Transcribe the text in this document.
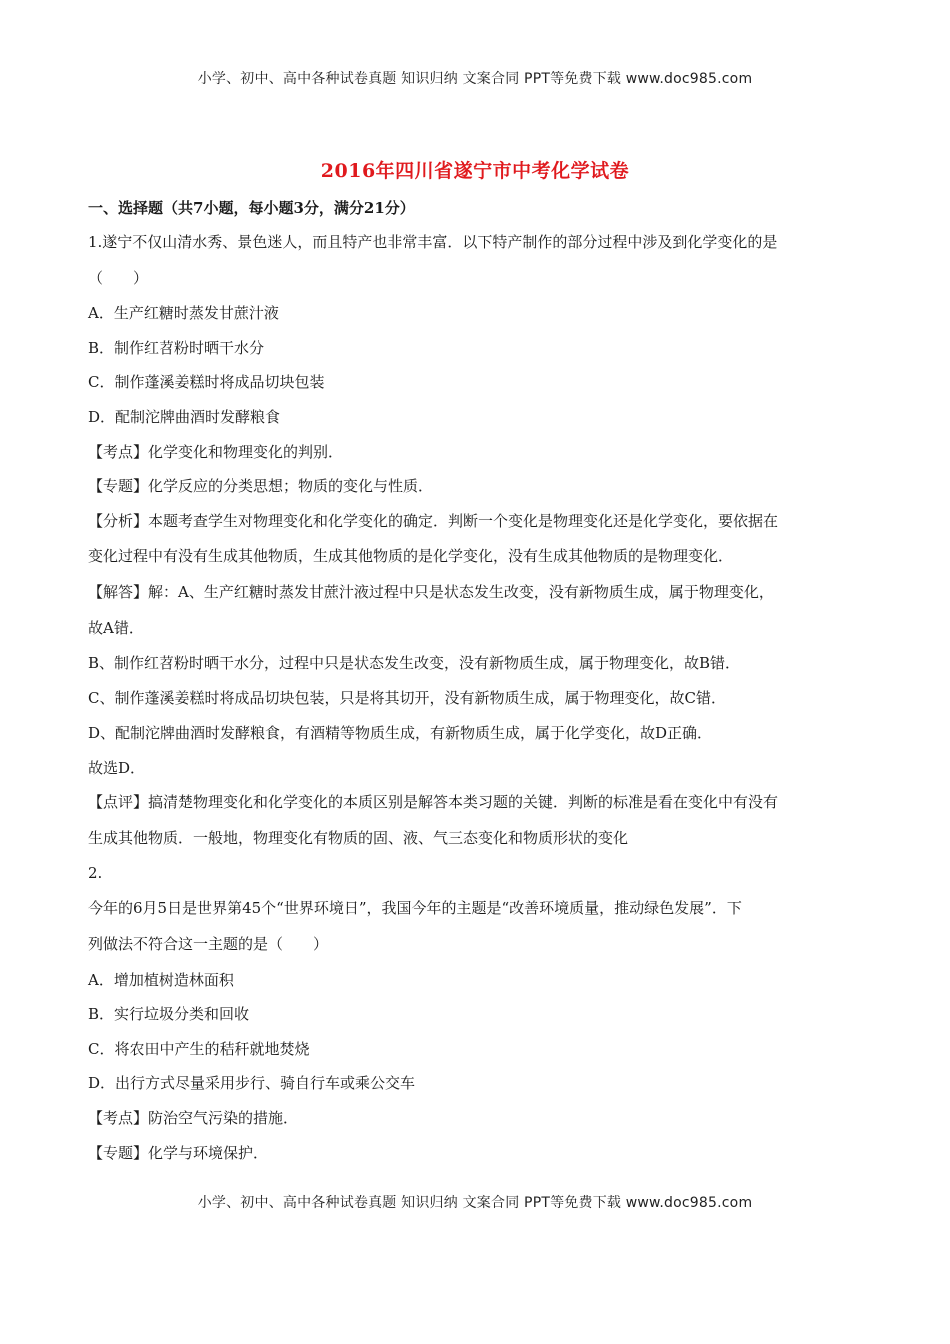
小学、初中、高中各种试卷真题 知识归纳 文案合同 PPT等免费下载 www.doc985.com
2016年四川省遂宁市中考化学试卷
一、选择题（共7小题，每小题3分，满分21分）
1.遂宁不仅山清水秀、景色迷人，而且特产也非常丰富．以下特产制作的部分过程中涉及到化学变化的是
（　　）
A．生产红糖时蒸发甘蔗汁液
B．制作红苕粉时晒干水分
C．制作蓬溪姜糕时将成品切块包装
D．配制沱牌曲酒时发酵粮食
【考点】化学变化和物理变化的判别．
【专题】化学反应的分类思想；物质的变化与性质．
【分析】本题考查学生对物理变化和化学变化的确定．判断一个变化是物理变化还是化学变化，要依据在
变化过程中有没有生成其他物质，生成其他物质的是化学变化，没有生成其他物质的是物理变化．
【解答】解：A、生产红糖时蒸发甘蔗汁液过程中只是状态发生改变，没有新物质生成，属于物理变化，
故A错．
B、制作红苕粉时晒干水分，过程中只是状态发生改变，没有新物质生成，属于物理变化，故B错．
C、制作蓬溪姜糕时将成品切块包装，只是将其切开，没有新物质生成，属于物理变化，故C错．
D、配制沱牌曲酒时发酵粮食，有酒精等物质生成，有新物质生成，属于化学变化，故D正确．
故选D．
【点评】搞清楚物理变化和化学变化的本质区别是解答本类习题的关键．判断的标准是看在变化中有没有
生成其他物质．一般地，物理变化有物质的固、液、气三态变化和物质形状的变化
2.
今年的6月5日是世界第45个“世界环境日”，我国今年的主题是“改善环境质量，推动绿色发展”．下
列做法不符合这一主题的是（　　）
A．增加植树造林面积
B．实行垃圾分类和回收
C．将农田中产生的秸秆就地焚烧
D．出行方式尽量采用步行、骑自行车或乘公交车
【考点】防治空气污染的措施．
【专题】化学与环境保护．
小学、初中、高中各种试卷真题 知识归纳 文案合同 PPT等免费下载 www.doc985.com
